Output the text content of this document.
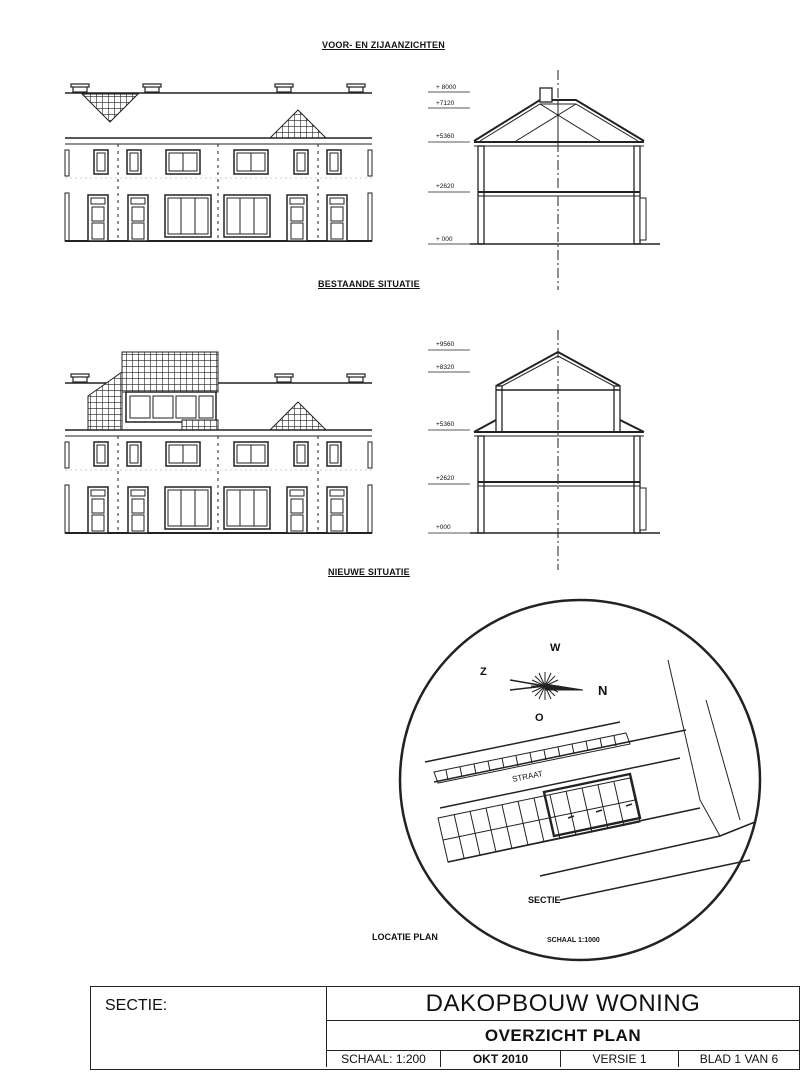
VOOR- EN ZIJAANZICHTEN
BESTAANDE SITUATIE
NIEUWE SITUATIE
+ 8000
+7120
+5360
+2620
+ 000
+9560
+8320
+5360
+2620
+000
W
Z
N
O
STRAAT
SECTIE
SCHAAL 1:1000
LOCATIE PLAN
SECTIE:	DAKOPBOUW WONING
OVERZICHT PLAN
SCHAAL: 1:200	OKT 2010	VERSIE 1	BLAD 1 VAN 6
